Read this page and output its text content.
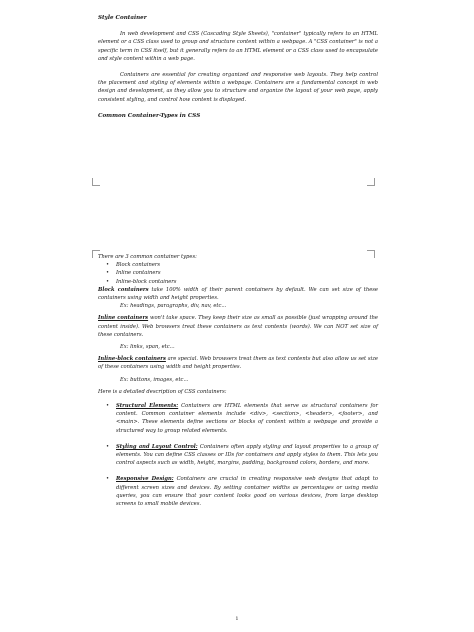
Style Container

In web development and CSS (Cascading Style Sheets), "container" typically refers to an HTML element or a CSS class used to group and structure content within a webpage. A "CSS container" is not a specific term in CSS itself, but it generally refers to an HTML element or a CSS class used to encapsulate and style content within a web page.

Containers are essential for creating organized and responsive web layouts. They help control the placement and styling of elements within a webpage. Containers are a fundamental concept in web design and development, as they allow you to structure and organize the layout of your web page, apply consistent styling, and control how content is displayed.

Common Container-Types in CSS

There are 3 common container types:

• Block containers
• Inline containers
• Inline-block containers

Block containers take 100% width of their parent containers by default. We can set size of these containers using width and height properties.

Ex: headings, paragraphs, div, nav, etc...

Inline containers won't take space. They keep their size as small as possible (just wrapping around the content inside). Web browsers treat these containers as text contents (words). We can NOT set size of these containers.

Ex: links, span, etc...

Inline-block containers are special. Web browsers treat them as text contents but also allow us set size of these containers using width and height properties.

Ex: buttons, images, etc...

Here is a detailed description of CSS containers:

• Structural Elements: Containers are HTML elements that serve as structural containers for content. Common container elements include <div>, <section>, <header>, <footer>, and <main>. These elements define sections or blocks of content within a webpage and provide a structured way to group related elements.

• Styling and Layout Control: Containers often apply styling and layout properties to a group of elements. You can define CSS classes or IDs for containers and apply styles to them. This lets you control aspects such as width, height, margins, padding, background colors, borders, and more.

• Responsive Design: Containers are crucial in creating responsive web designs that adapt to different screen sizes and devices. By setting container widths as percentages or using media queries, you can ensure that your content looks good on various devices, from large desktop screens to small mobile devices.

1
